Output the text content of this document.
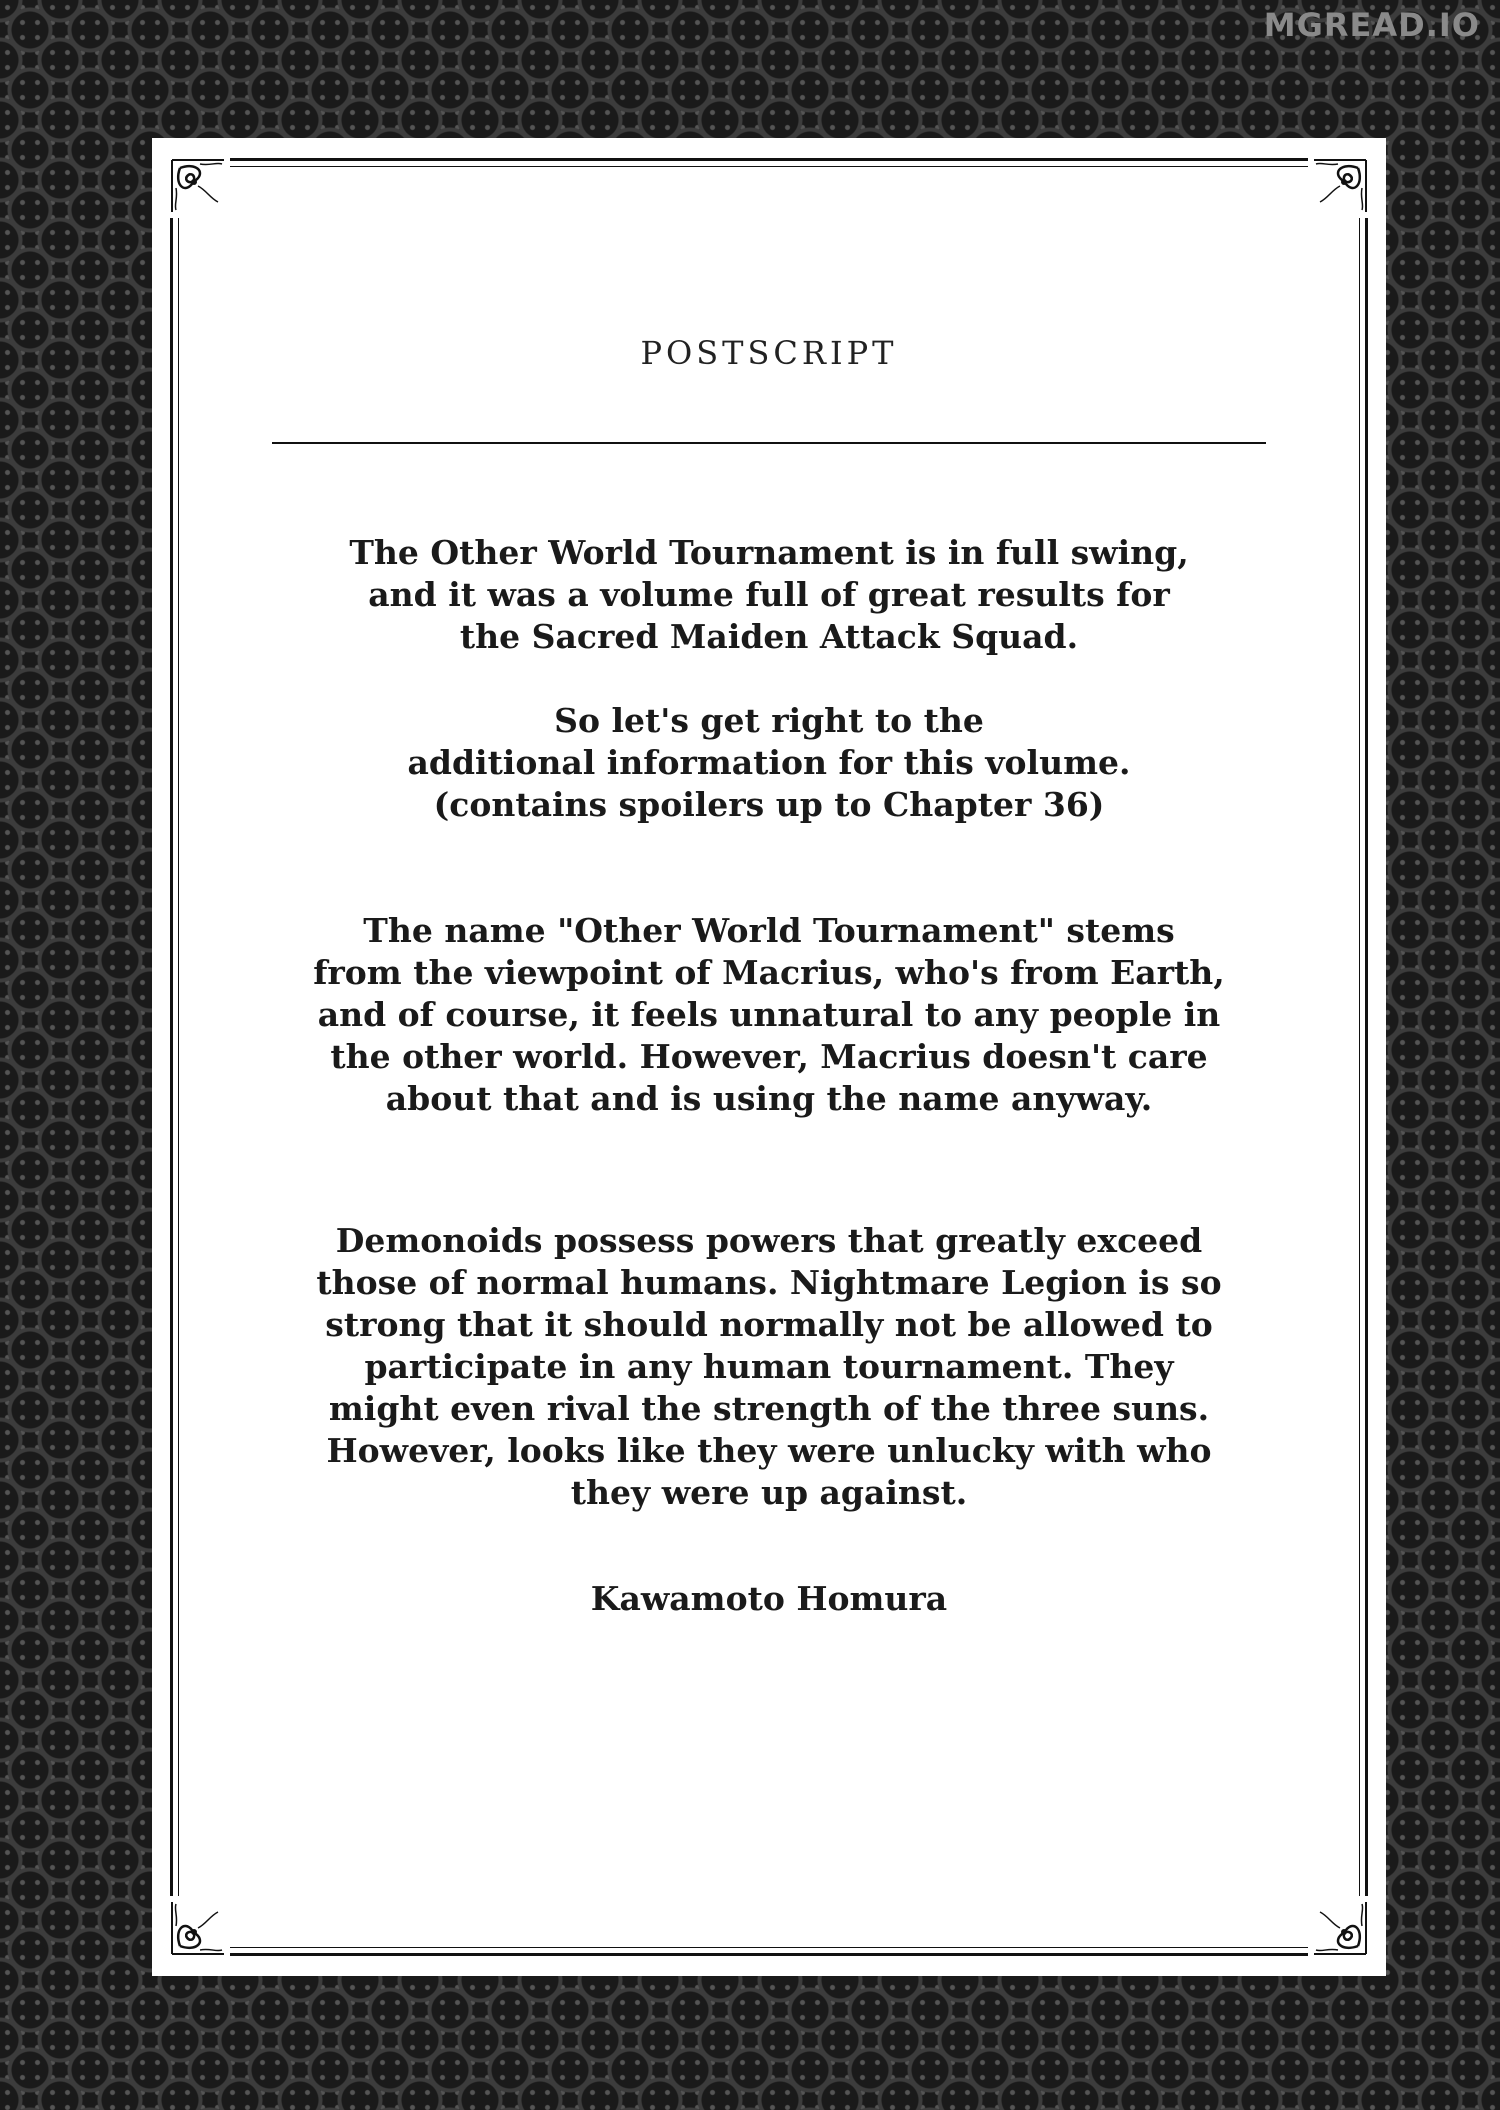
MGREAD.IO
POSTSCRIPT

The Other World Tournament is in full swing,
and it was a volume full of great results for
the Sacred Maiden Attack Squad.

So let's get right to the
additional information for this volume.
(contains spoilers up to Chapter 36)

The name "Other World Tournament" stems
from the viewpoint of Macrius, who's from Earth,
and of course, it feels unnatural to any people in
the other world. However, Macrius doesn't care
about that and is using the name anyway.

Demonoids possess powers that greatly exceed
those of normal humans. Nightmare Legion is so
strong that it should normally not be allowed to
participate in any human tournament. They
might even rival the strength of the three suns.
However, looks like they were unlucky with who
they were up against.

Kawamoto Homura
